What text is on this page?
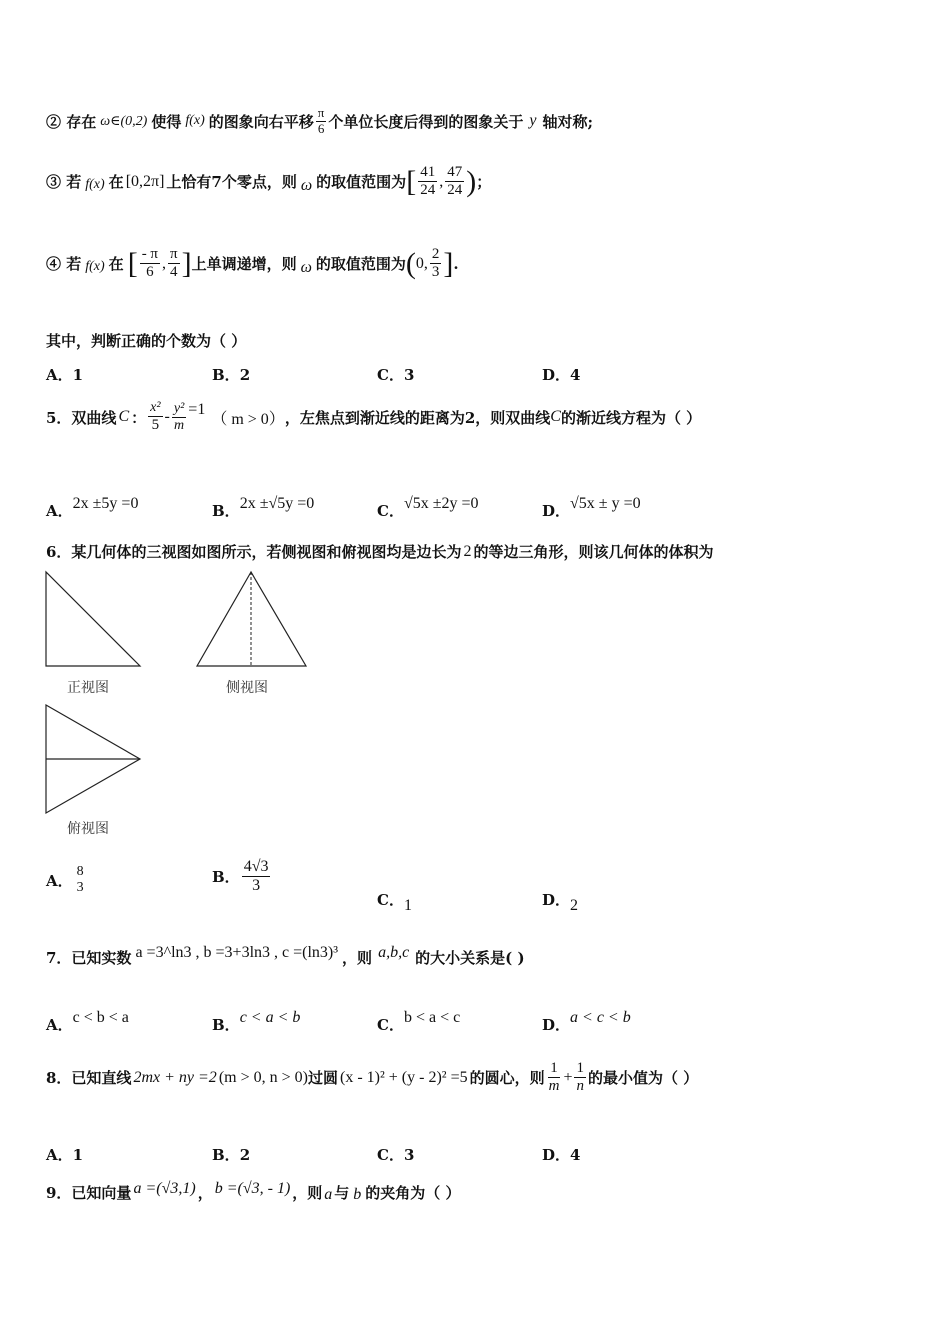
② 存在 ω∈(0,2) 使得 f(x) 的图象向右平移 $\frac{\pi}{6}$ 个单位长度后得到的图象关于 y 轴对称;
③ 若 f(x) 在 [0,2π] 上恰有7个零点，则 ω 的取值范围为 [ $\frac{41}{24}$ , $\frac{47}{24}$ ) ；
④ 若 f(x) 在 [ $\frac{- \pi}{6}$ , $\frac{\pi}{4}$ ] 上单调递增，则 ω 的取值范围为 ( 0, $\frac{2}{3}$ ] .
其中，判断正确的个数为（ ）
A． 1	B． 2	C． 3	D． 4
5．双曲线 C ： $\frac{\text{x²}}{5} - \frac{\text{y²}}{m} =1$
（ m > 0） ，左焦点到渐近线的距离为2，则双曲线 C 的渐近线方程为（ ）
A． 2x ±5y =0	B． 2x ±√5y =0	C． √5x ±2y =0	D． √5x ± y =0
6．某几何体的三视图如图所示，若侧视图和俯视图均是边长为 2 的等边三角形，则该几何体的体积为
正视图	侧视图
俯视图
A．
8
3
B． $\frac{4√3}{3}$
C． 1	D． 2
7．已知实数 a =3^ln3 , b =3+3ln3 , c =(ln3)³ ，则 a,b,c 的大小关系是( )
A． c < b < a	B． c < a < b	C． b < a < c	D． a < c < b
8．已知直线 2mx + ny =2 (m > 0, n > 0) 过圆 (x - 1)² + (y - 2)² =5 的圆心，则 $\frac{1}{m} + \frac{1}{n}$ 的最小值为（ ）
A． 1	B． 2	C． 3	D． 4
9．已知向量 a =(√3,1) ， b =(√3, - 1) ，则 a 与 b 的夹角为（ ）
